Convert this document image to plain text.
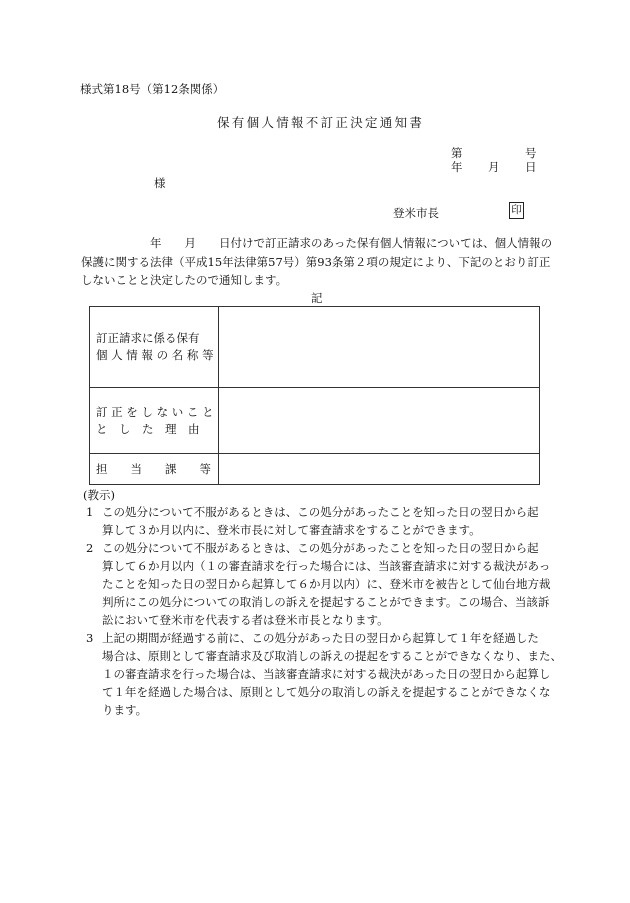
様式第18号（第12条関係）
保有個人情報不訂正決定通知書
第	号
年 月 日
様
登米市長	印
　　　　　　年　　月　　日付けで訂正請求のあった保有個人情報については、個人情報の
保護に関する法律（平成15年法律第57号）第93条第２項の規定により、下記のとおり訂正
しないことと決定したので通知します。
記
訂正請求に係る保有
個 人 情 報 の 名 称 等	

訂 正 を し な い こ と
と　し　た　理　由	

担　　当　　課　　等	

(教示)
1 この処分について不服があるときは、この処分があったことを知った日の翌日から起
算して３か月以内に、登米市長に対して審査請求をすることができます。
2 この処分について不服があるときは、この処分があったことを知った日の翌日から起
算して６か月以内（１の審査請求を行った場合には、当該審査請求に対する裁決があっ
たことを知った日の翌日から起算して６か月以内）に、登米市を被告として仙台地方裁
判所にこの処分についての取消しの訴えを提起することができます。この場合、当該訴
訟において登米市を代表する者は登米市長となります。
3 上記の期間が経過する前に、この処分があった日の翌日から起算して１年を経過した
場合は、原則として審査請求及び取消しの訴えの提起をすることができなくなり、また、
１の審査請求を行った場合は、当該審査請求に対する裁決があった日の翌日から起算し
て１年を経過した場合は、原則として処分の取消しの訴えを提起することができなくな
ります。
